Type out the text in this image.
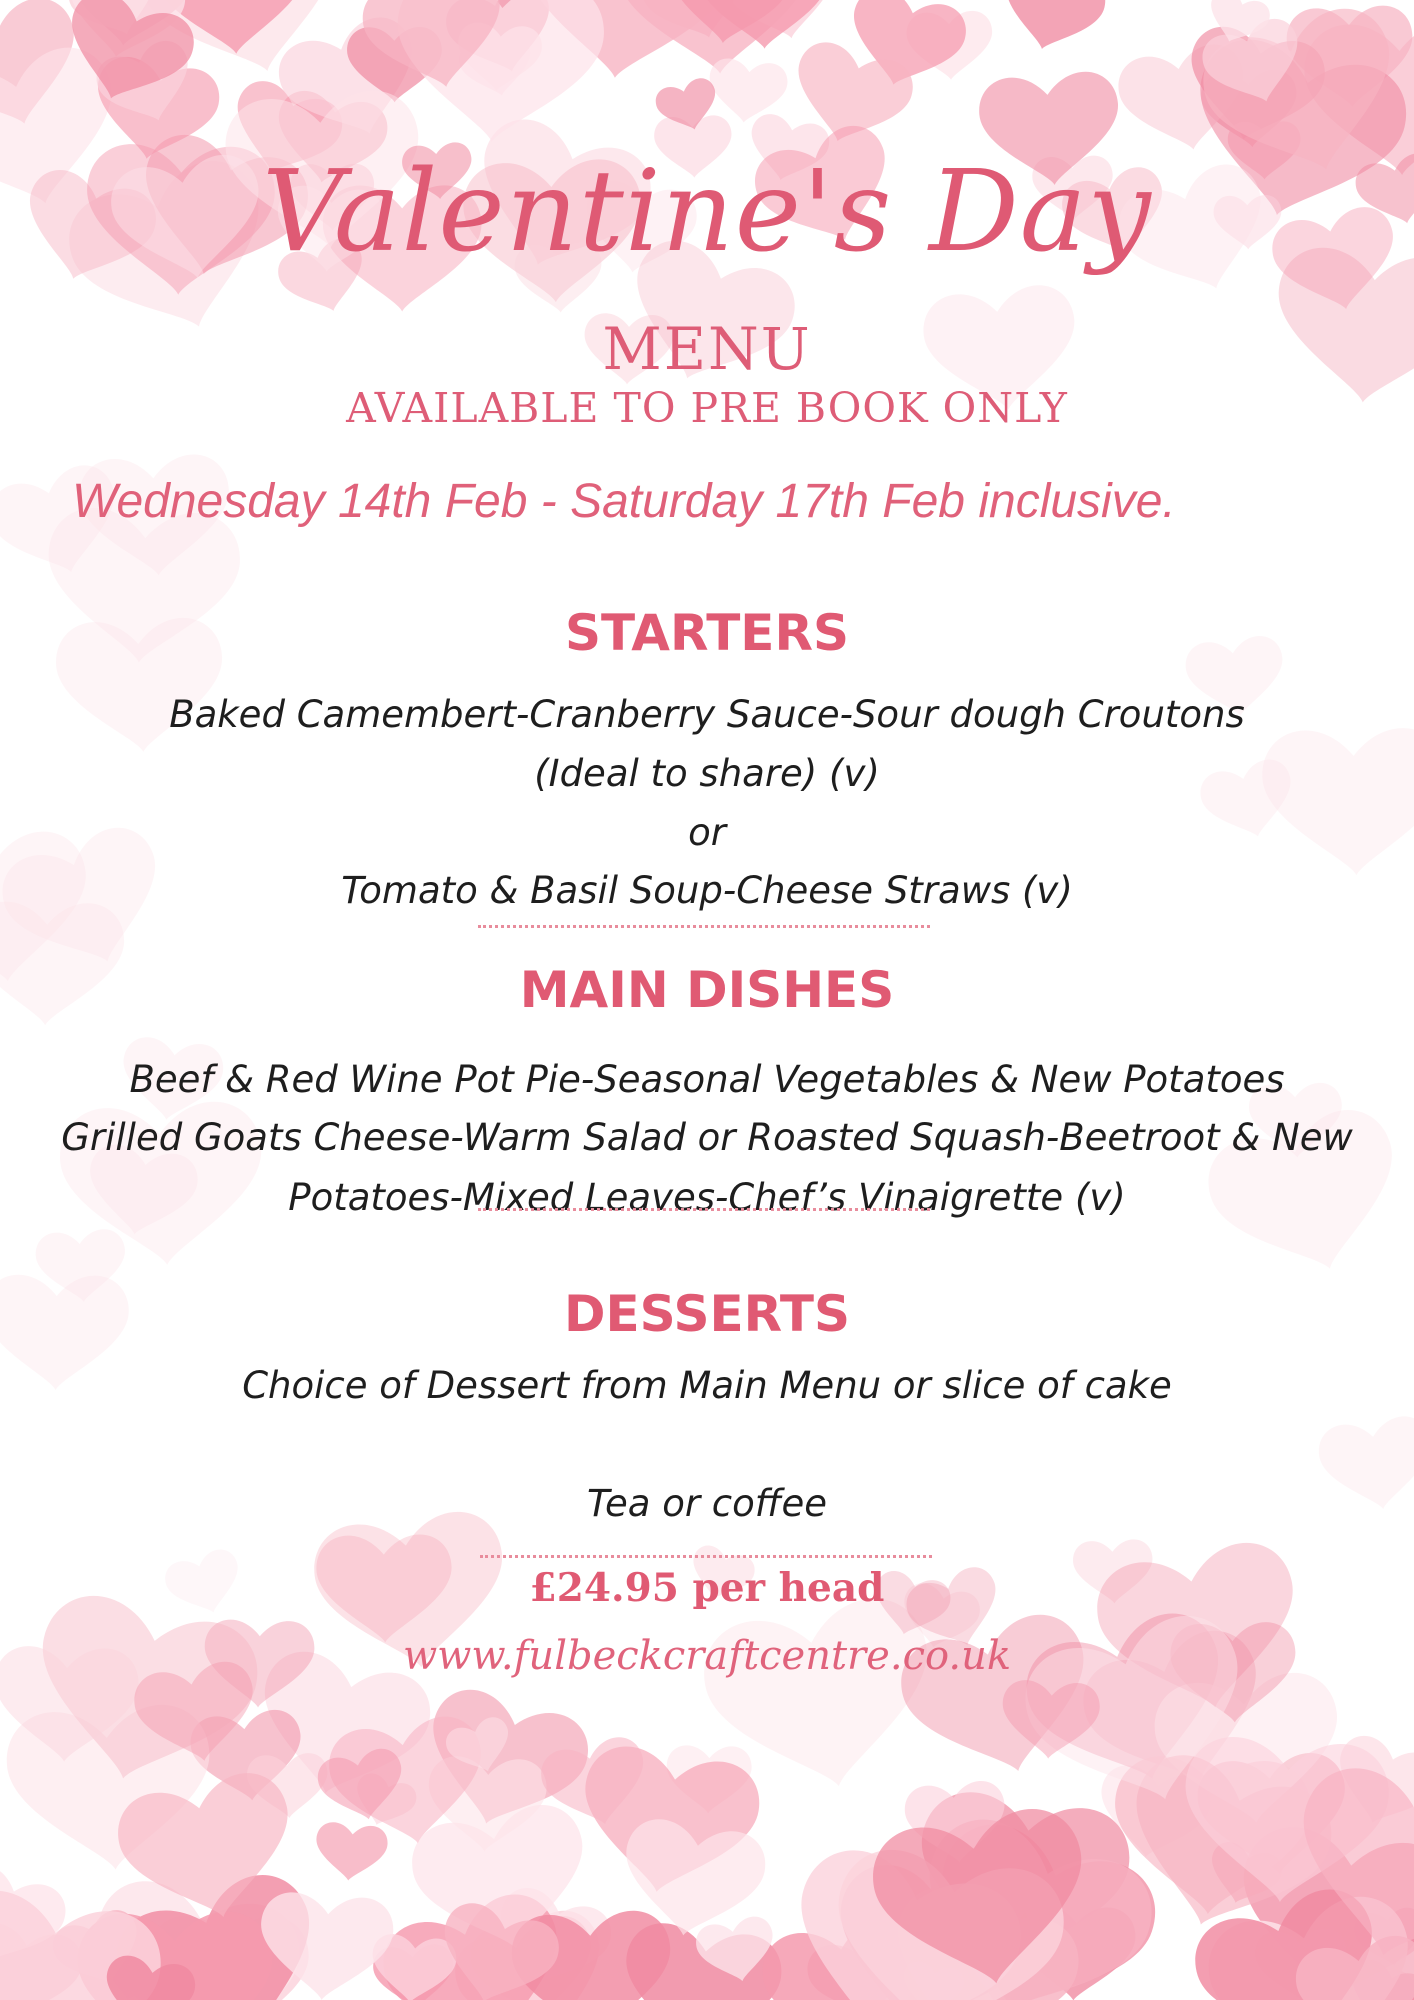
Valentine's Day
MENU
AVAILABLE TO PRE BOOK ONLY
Wednesday 14th Feb - Saturday 17th Feb inclusive.
STARTERS
Baked Camembert-Cranberry Sauce-Sour dough Croutons
(Ideal to share) (v)
or
Tomato & Basil Soup-Cheese Straws (v)
MAIN DISHES
Beef & Red Wine Pot Pie-Seasonal Vegetables & New Potatoes
Grilled Goats Cheese-Warm Salad or Roasted Squash-Beetroot & New
Potatoes-Mixed Leaves-Chef’s Vinaigrette (v)
DESSERTS
Choice of Dessert from Main Menu or slice of cake
Tea or coffee
£24.95 per head
www.fulbeckcraftcentre.co.uk
